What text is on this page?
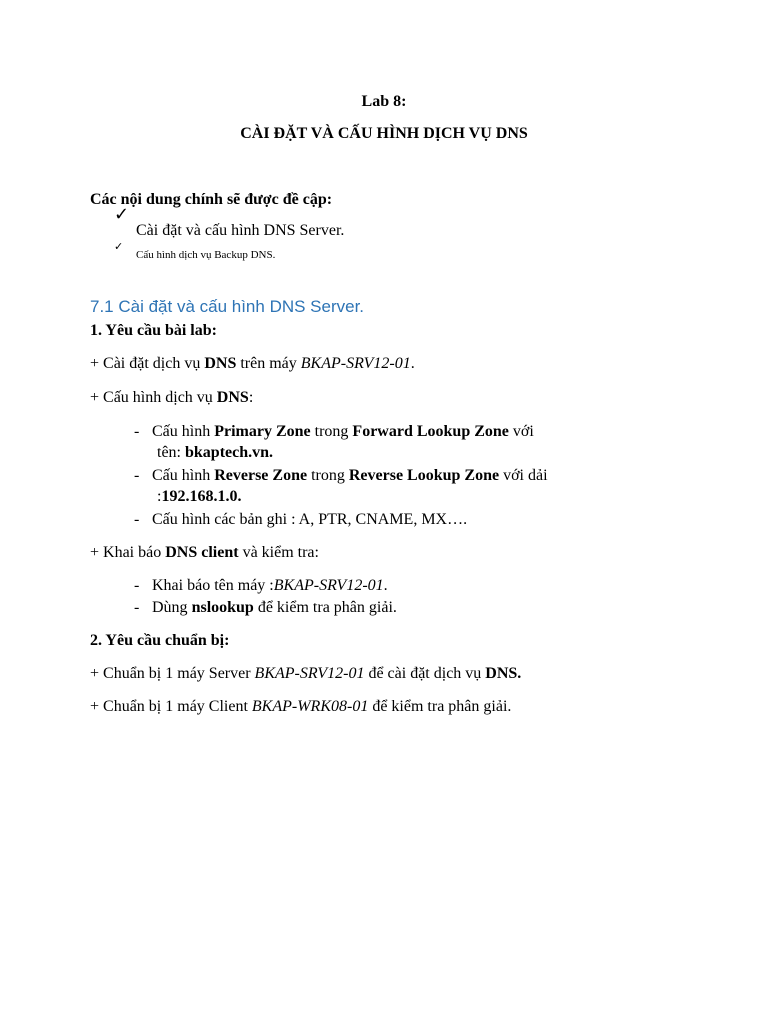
Lab 8:
CÀI ĐẶT VÀ CẤU HÌNH DỊCH VỤ DNS
Các nội dung chính sẽ được đề cập:
✓
Cài đặt và cấu hình DNS Server.
✓
Cấu hình dịch vụ Backup DNS.
7.1 Cài đặt và cấu hình DNS Server.
1. Yêu cầu bài lab:
+ Cài đặt dịch vụ DNS trên máy BKAP-SRV12-01.
+ Cấu hình dịch vụ DNS:
- Cấu hình Primary Zone trong Forward Lookup Zone với
tên: bkaptech.vn.
- Cấu hình Reverse Zone trong Reverse Lookup Zone với dải
:192.168.1.0.
- Cấu hình các bản ghi : A, PTR, CNAME, MX….
+ Khai báo DNS client và kiểm tra:
- Khai báo tên máy :BKAP-SRV12-01.
- Dùng nslookup để kiểm tra phân giải.
2. Yêu cầu chuẩn bị:
+ Chuẩn bị 1 máy Server BKAP-SRV12-01 để cài đặt dịch vụ DNS.
+ Chuẩn bị 1 máy Client BKAP-WRK08-01 để kiểm tra phân giải.
